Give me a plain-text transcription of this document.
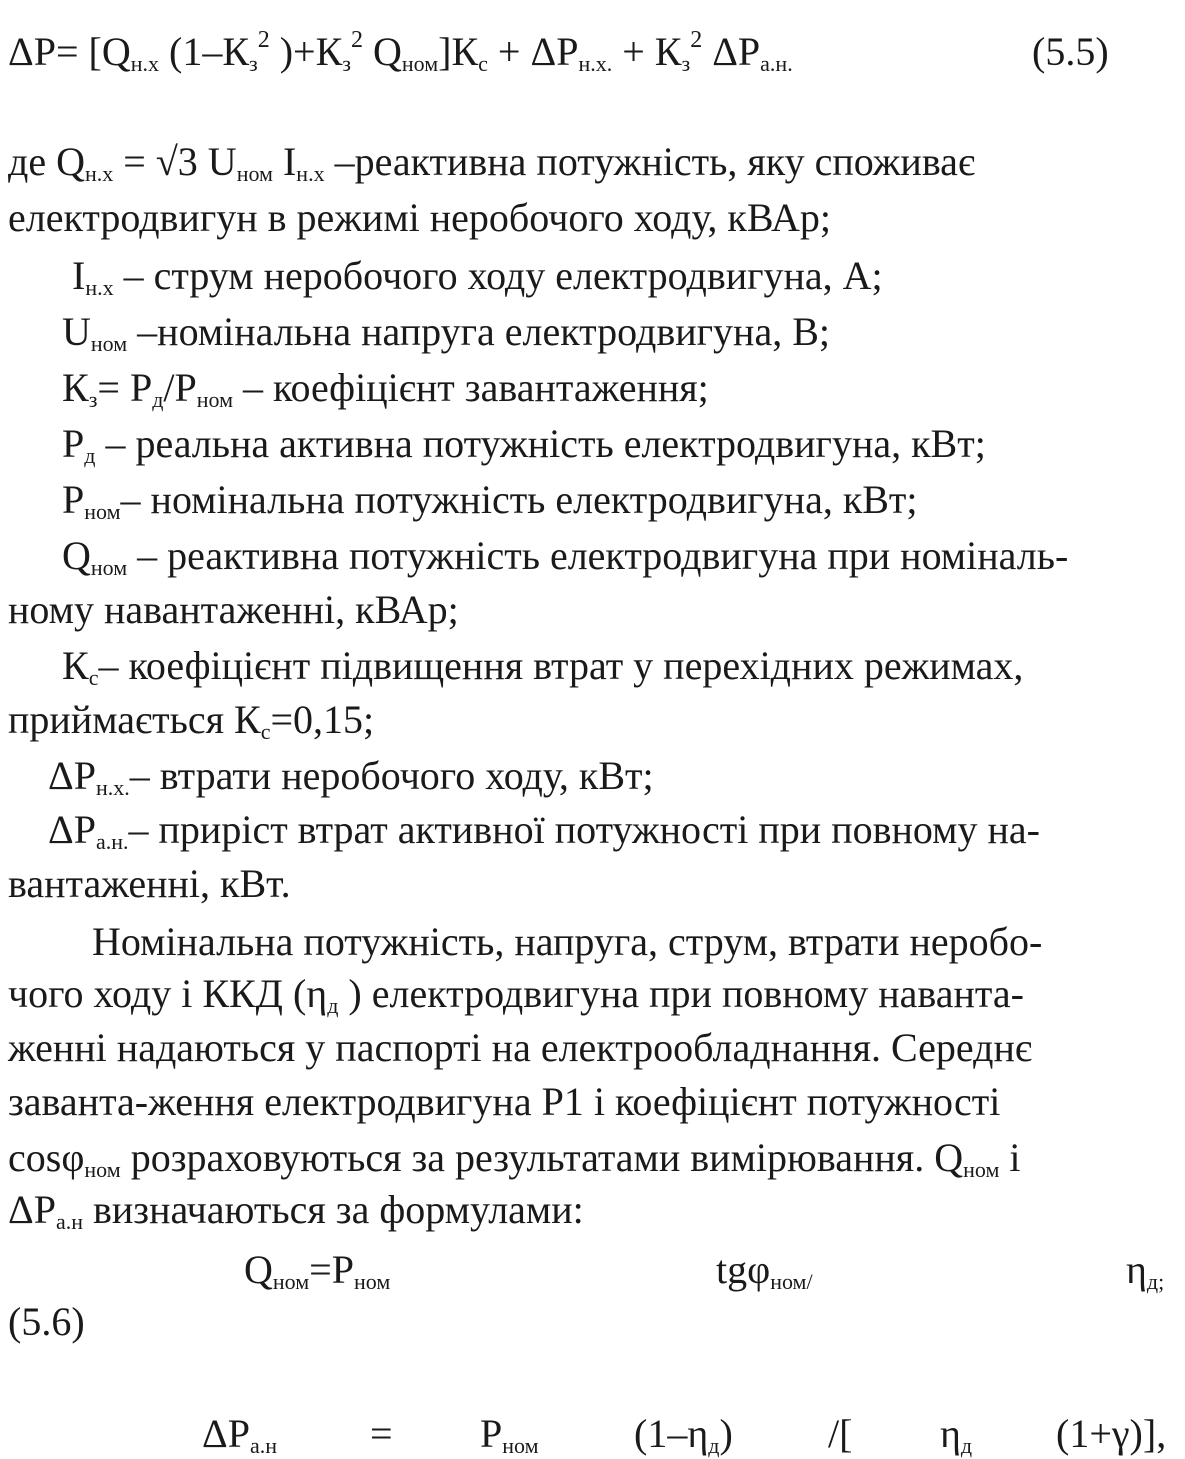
$\Delta P= [Q_{н.х}$ ($1-К_з^2$ )$+К_з^2$ $Q_{ном}]К_с + \Delta P_{н.х.} + К_з^2$ $\Delta P_{а.н.}$	(5.5)
де $Q_{н.х} = √3$ $U_{ном}$ $I_{н.х}$ –реактивна потужність, яку споживає
електродвигун в режимі неробочого ходу, кВАр;
$I_{н.х}$ – струм неробочого ходу електродвигуна, А;
$U_{ном}$ –номінальна напруга електродвигуна, В;
$К_з= P_д/P_{ном}$ – коефіцієнт завантаження;
$P_д$ – реальна активна потужність електродвигуна, кВт;
$P_{ном}-$ номінальна потужність електродвигуна, кВт;
$Q_{ном}$ – реактивна потужність електродвигуна при номіналь-
ному навантаженні, кВАр;
$К_с-$ коефіцієнт підвищення втрат у перехідних режимах,
приймається $К_с=0,15$;
$\Delta P_{н.х.}-$ втрати неробочого ходу, кВт;
$\Delta P_{а.н.}-$ приріст втрат активної потужності при повному на-
вантаженні, кВт.
Номінальна потужність, напруга, струм, втрати неробо-
чого ходу і ККД ($\eta_д$ ) електродвигуна при повному наванта-
женні надаються у паспорті на електрообладнання. Середнє
заванта-ження електродвигуна P1 і коефіцієнт потужності
cosφ$_{ном}$ розраховуються за результатами вимірювання. $Q_{ном}$ і
$\Delta P_{а.н}$ визначаються за формулами:
$Q_{ном}=P_{ном}$	tgφ$_{ном/}$	$\eta_{д;}$
(5.6)
$\Delta P_{а.н} = P_{ном}$ $(1-\eta_д)$ /[ $\eta_д$ (1+γ)],
